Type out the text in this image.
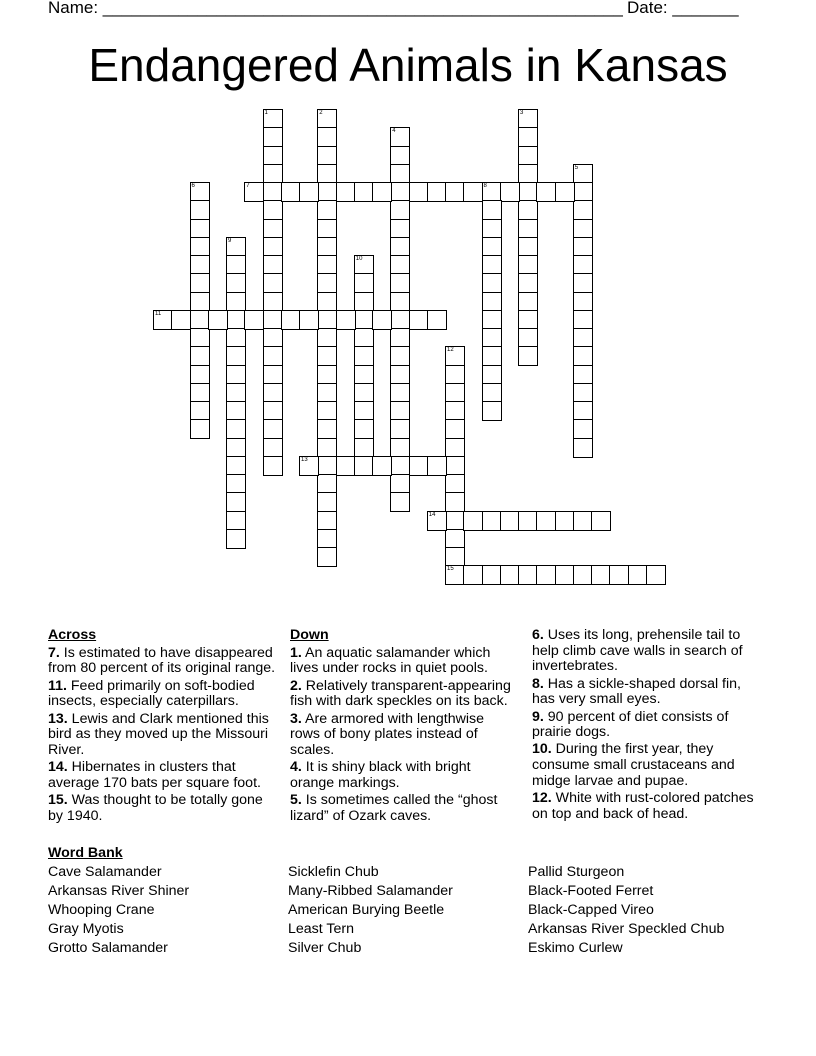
Name: _______________________________________________________ Date: _______
Endangered Animals in Kansas
1	2	3
4
5
6	7	8
9
10
11
12
15
13
14
Across
7. Is estimated to have disappeared from 80 percent of its original range.
11. Feed primarily on soft-bodied insects, especially caterpillars.
13. Lewis and Clark mentioned this bird as they moved up the Missouri River.
14. Hibernates in clusters that average 170 bats per square foot.
15. Was thought to be totally gone by 1940.
Down
1. An aquatic salamander which lives under rocks in quiet pools.
2. Relatively transparent-appearing fish with dark speckles on its back.
3. Are armored with lengthwise rows of bony plates instead of scales.
4. It is shiny black with bright orange markings.
5. Is sometimes called the “ghost lizard” of Ozark caves.
6. Uses its long, prehensile tail to help climb cave walls in search of invertebrates.
8. Has a sickle-shaped dorsal fin, has very small eyes.
9. 90 percent of diet consists of prairie dogs.
10. During the first year, they consume small crustaceans and midge larvae and pupae.
12. White with rust-colored patches on top and back of head.
Word Bank
Cave Salamander
Arkansas River Shiner
Whooping Crane
Gray Myotis
Grotto Salamander
Sicklefin Chub
Many-Ribbed Salamander
American Burying Beetle
Least Tern
Silver Chub
Pallid Sturgeon
Black-Footed Ferret
Black-Capped Vireo
Arkansas River Speckled Chub
Eskimo Curlew
